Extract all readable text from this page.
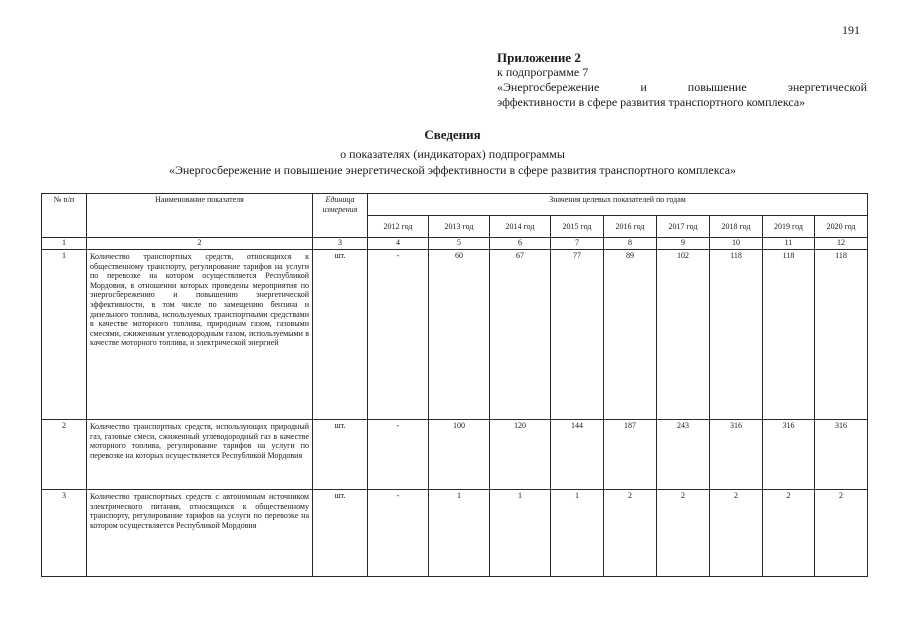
191
Приложение 2
к подпрограмме 7
«Энергосбережение и повышение энергетической
эффективности в сфере развития транспортного комплекса»
Сведения
о показателях (индикаторах) подпрограммы
«Энергосбережение и повышение энергетической эффективности в сфере развития транспортного комплекса»
№ п/п	Наименование показателя	Единица измерения	Значения целевых показателей по годам								
			2012 год	2013 год	2014 год	2015 год	2016 год	2017 год	2018 год	2019 год	2020 год
1	2	3	4	5	6	7	8	9	10	11	12
1	Количество транспортных средств, относящихся к общественному транспорту, регулирование тарифов на услуги по перевозке на котором осуществляется Республикой Мордовия, в отношении которых проведены мероприятия по энергосбережению и повышению энергетической эффективности, в том числе по замещению бензина и дизельного топлива, используемых транспортными средствами в качестве моторного топлива, природным газом, газовыми смесями, сжиженным углеводородным газом, используемыми в качестве моторного топлива, и электрической энергией	шт.	-	60	67	77	89	102	118	118	118
2	Количество транспортных средств, использующих природный газ, газовые смеси, сжиженный углеводородный газ в качестве моторного топлива, регулирование тарифов на услуги по перевозке на которых осуществляется Республикой Мордовия	шт.	-	100	120	144	187	243	316	316	316
3	Количество транспортных средств с автономным источником электрического питания, относящихся к общественному транспорту, регулирование тарифов на услуги по перевозке на котором осуществляется Республикой Мордовия	шт.	-	1	1	1	2	2	2	2	2
